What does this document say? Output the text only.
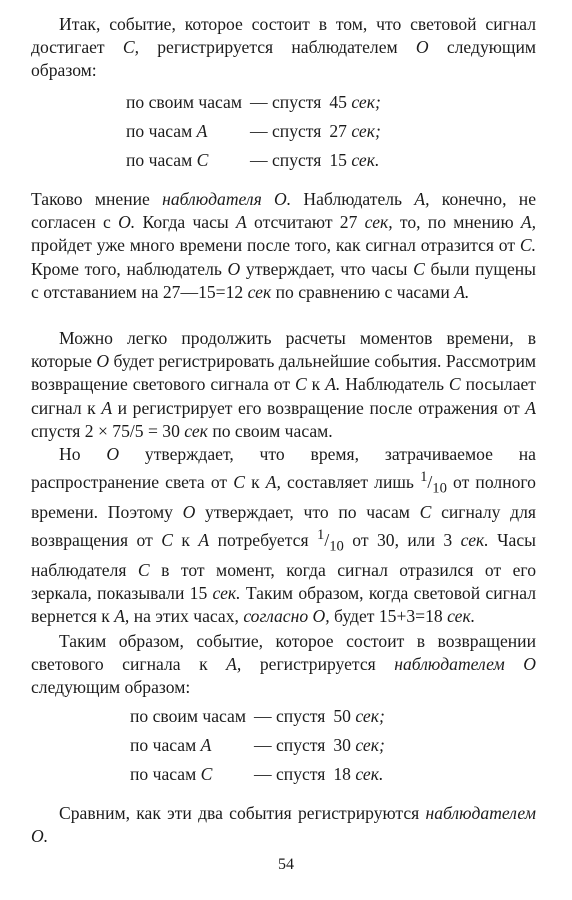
Итак, событие, которое состоит в том, что световой сигнал достигает С, регистрируется наблюдателем О следующим образом:

по своим часам	— спустя	45 сек;
по часам А	— спустя	27 сек;
по часам С	— спустя	15 сек.

Таково мнение наблюдателя О. Наблюдатель А, конечно, не согласен с О. Когда часы А отсчитают 27 сек, то, по мнению А, пройдет уже много времени после того, как сигнал отразится от С. Кроме того, наблюдатель О утверждает, что часы С были пущены с отставанием на 27—15=12 сек по сравнению с часами А.

Можно легко продолжить расчеты моментов времени, в которые О будет регистрировать дальнейшие события. Рассмотрим возвращение светового сигнала от С к А. Наблюдатель С посылает сигнал к А и регистрирует его возвращение после отражения от А спустя 2 × 75/5 = 30 сек по своим часам.

Но О утверждает, что время, затрачиваемое на распространение света от С к А, составляет лишь $^1/_{10}$ от полного времени. Поэтому О утверждает, что по часам С сигналу для возвращения от С к А потребуется $^1/_{10}$ от 30, или 3 сек. Часы наблюдателя С в тот момент, когда сигнал отразился от его зеркала, показывали 15 сек. Таким образом, когда световой сигнал вернется к А, на этих часах, согласно О, будет 15+3=18 сек.

Таким образом, событие, которое состоит в возвращении светового сигнала к А, регистрируется наблюдателем О следующим образом:

по своим часам	— спустя	50 сек;
по часам А	— спустя	30 сек;
по часам С	— спустя	18 сек.

Сравним, как эти два события регистрируются наблюдателем О.

54
